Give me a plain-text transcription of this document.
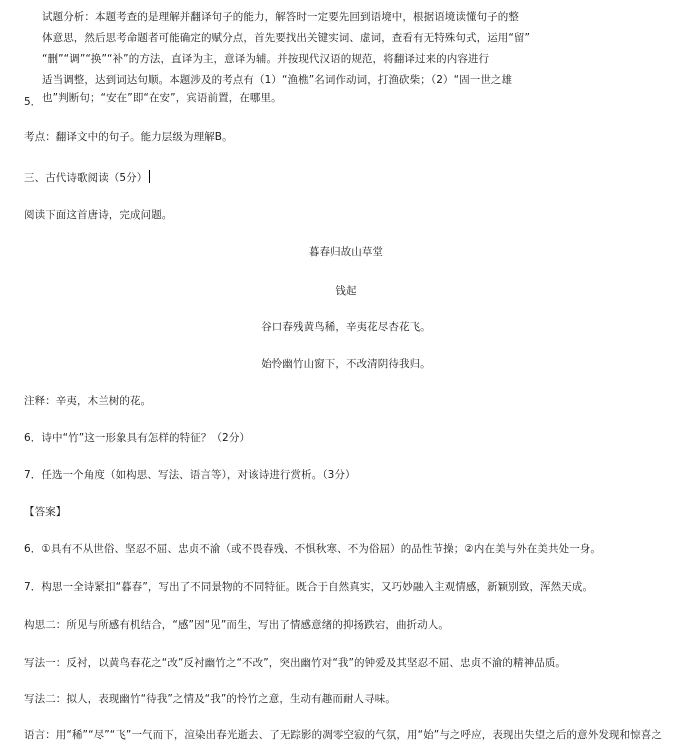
试题分析：本题考查的是理解并翻译句子的能力，解答时一定要先回到语境中，根据语境读懂句子的整
体意思，然后思考命题者可能确定的赋分点，首先要找出关键实词、虚词，查看有无特殊句式，运用“留”
“删”“调”“换”“补”的方法，直译为主，意译为辅。并按现代汉语的规范，将翻译过来的内容进行
适当调整，达到词达句顺。本题涉及的考点有（1）“渔樵”名词作动词，打渔砍柴；（2）“固一世之雄
5． 也”判断句；“安在”即“在安”，宾语前置，在哪里。
考点：翻译文中的句子。能力层级为理解B。
三、古代诗歌阅读（5分）
阅读下面这首唐诗，完成问题。
暮春归故山草堂
钱起
谷口春残黄鸟稀，辛夷花尽杏花飞。
始怜幽竹山窗下，不改清阴待我归。
注释：辛夷，木兰树的花。
6．诗中“竹”这一形象具有怎样的特征？（2分）
7．任选一个角度（如构思、写法、语言等），对该诗进行赏析。（3分）
【答案】
6．①具有不从世俗、坚忍不屈、忠贞不渝（或不畏春残、不惧秋寒、不为俗屈）的品性节操；②内在美与外在美共处一身。
7．构思一全诗紧扣“暮春”，写出了不同景物的不同特征。既合于自然真实，又巧妙融入主观情感，新颖别致，浑然天成。
构思二：所见与所感有机结合，“感”因“见”而生，写出了情感意绪的抑扬跌宕，曲折动人。
写法一：反衬，以黄鸟春花之“改”反衬幽竹之“不改”，突出幽竹对“我”的钟爱及其坚忍不屈、忠贞不渝的精神品质。
写法二：拟人，表现幽竹“待我”之情及“我”的怜竹之意，生动有趣而耐人寻味。
语言：用“稀”“尽”“飞”一气而下，渲染出春光逝去、了无踪影的凋零空寂的气氛，用“始”与之呼应，表现出失望之后的意外发现和惊喜之
